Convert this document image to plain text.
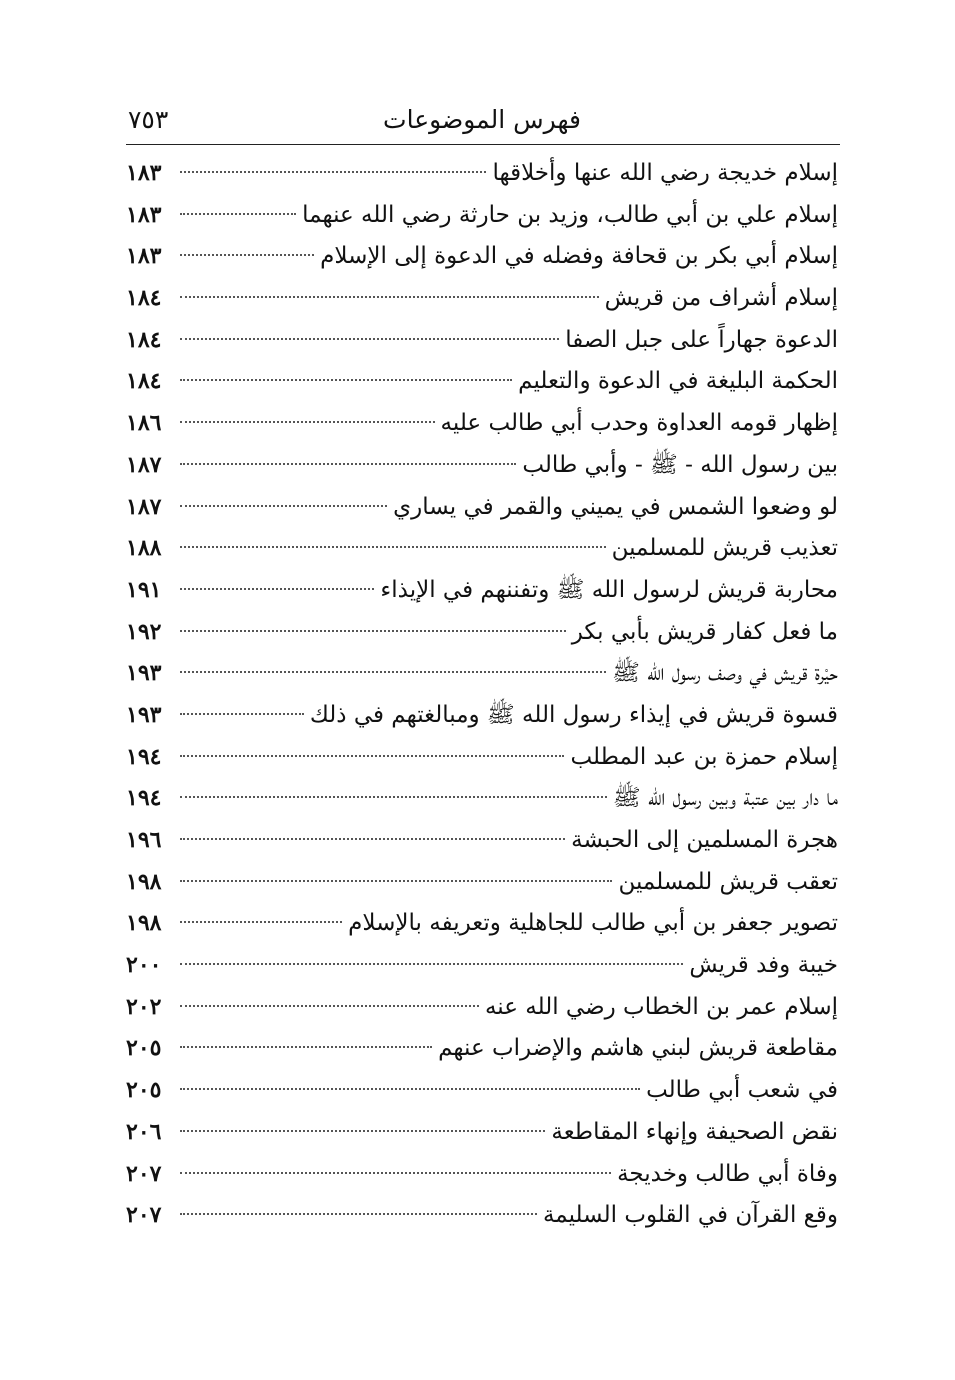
فهرس الموضوعات
٧٥٣
إسلام خديجة رضي الله عنها وأخلاقها
١٨٣
إسلام علي بن أبي طالب، وزيد بن حارثة رضي الله عنهما
١٨٣
إسلام أبي بكر بن قحافة وفضله في الدعوة إلى الإسلام
١٨٣
إسلام أشراف من قريش
١٨٤
الدعوة جهاراً على جبل الصفا
١٨٤
الحكمة البليغة في الدعوة والتعليم
١٨٤
إظهار قومه العداوة وحدب أبي طالب عليه
١٨٦
بين رسول الله - ﷺ - وأبي طالب
١٨٧
لو وضعوا الشمس في يميني والقمر في يساري
١٨٧
تعذيب قريش للمسلمين
١٨٨
محاربة قريش لرسول الله ﷺ وتفننهم في الإيذاء
١٩١
ما فعل كفار قريش بأبي بكر
١٩٢
حيْرة قريش في وصف رسول الله ﷺ
١٩٣
قسوة قريش في إيذاء رسول الله ﷺ ومبالغتهم في ذلك
١٩٣
إسلام حمزة بن عبد المطلب
١٩٤
ما دار بين عتبة وبين رسول الله ﷺ
١٩٤
هجرة المسلمين إلى الحبشة
١٩٦
تعقب قريش للمسلمين
١٩٨
تصوير جعفر بن أبي طالب للجاهلية وتعريفه بالإسلام
١٩٨
خيبة وفد قريش
٢٠٠
إسلام عمر بن الخطاب رضي الله عنه
٢٠٢
مقاطعة قريش لبني هاشم والإضراب عنهم
٢٠٥
في شعب أبي طالب
٢٠٥
نقض الصحيفة وإنهاء المقاطعة
٢٠٦
وفاة أبي طالب وخديجة
٢٠٧
وقع القرآن في القلوب السليمة
٢٠٧
